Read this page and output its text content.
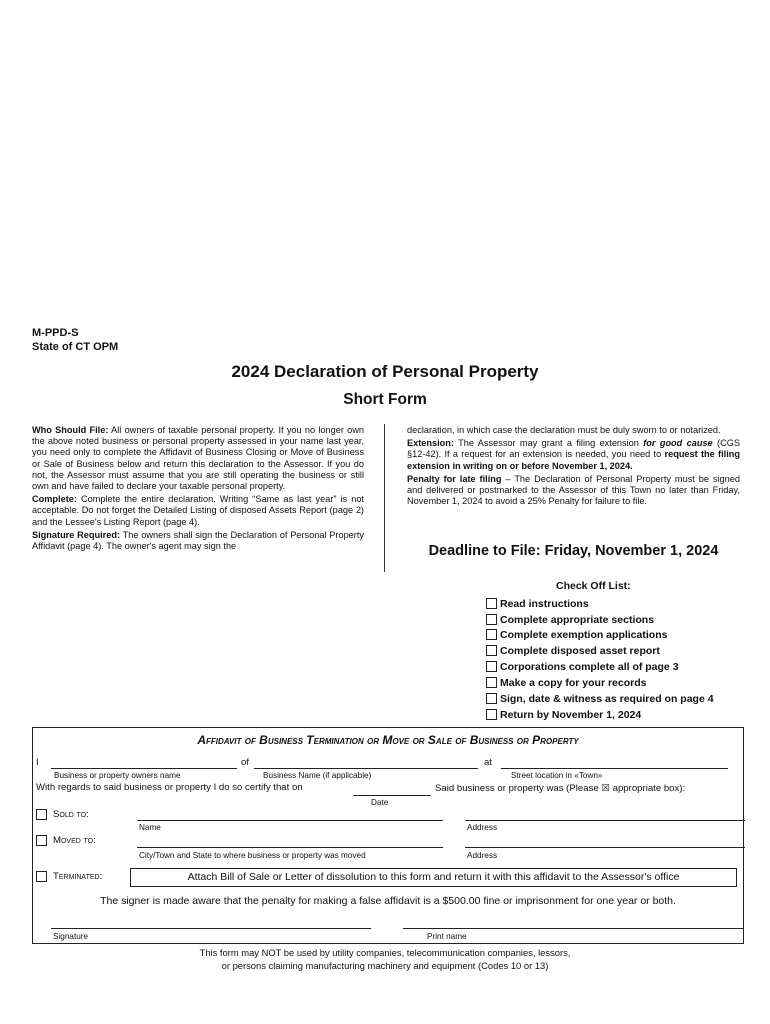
M-PPD-S
State of CT OPM
2024 Declaration of Personal Property
Short Form

Who Should File: All owners of taxable personal property. If you no longer own the above noted business or personal property assessed in your name last year, you need only to complete the Affidavit of Business Closing or Move of Business or Sale of Business below and return this declaration to the Assessor. If you do not, the Assessor must assume that you are still operating the business or still own and have failed to declare your taxable personal property.

Complete: Complete the entire declaration. Writing “Same as last year” is not acceptable. Do not forget the Detailed Listing of disposed Assets Report (page 2) and the Lessee's Listing Report (page 4).

Signature Required: The owners shall sign the Declaration of Personal Property Affidavit (page 4). The owner's agent may sign the

declaration, in which case the declaration must be duly sworn to or notarized.

Extension: The Assessor may grant a filing extension for good cause (CGS §12-42). If a request for an extension is needed, you need to request the filing extension in writing on or before November 1, 2024.

Penalty for late filing – The Declaration of Personal Property must be signed and delivered or postmarked to the Assessor of this Town no later than Friday, November 1, 2024 to avoid a 25% Penalty for failure to file.

Deadline to File: Friday, November 1, 2024
Check Off List:
Read instructions
Complete appropriate sections
Complete exemption applications
Complete disposed asset report
Corporations complete all of page 3
Make a copy for your records
Sign, date & witness as required on page 4
Return by November 1, 2024
Affidavit of Business Termination or Move or Sale of Business or Property
I	of	at
Business or property owners name	Business Name (if applicable)	Street location in «Town»
With regards to said business or property I do so certify that on	Said business or property was (Please ☒ appropriate box):
Date
Sold to:
Name	Address
Moved to:
City/Town and State to where business or property was moved	Address
Terminated:	Attach Bill of Sale or Letter of dissolution to this form and return it with this affidavit to the Assessor's office
The signer is made aware that the penalty for making a false affidavit is a $500.00 fine or imprisonment for one year or both.
Signature	Print name
This form may NOT be used by utility companies, telecommunication companies, lessors,
or persons claiming manufacturing machinery and equipment (Codes 10 or 13)
